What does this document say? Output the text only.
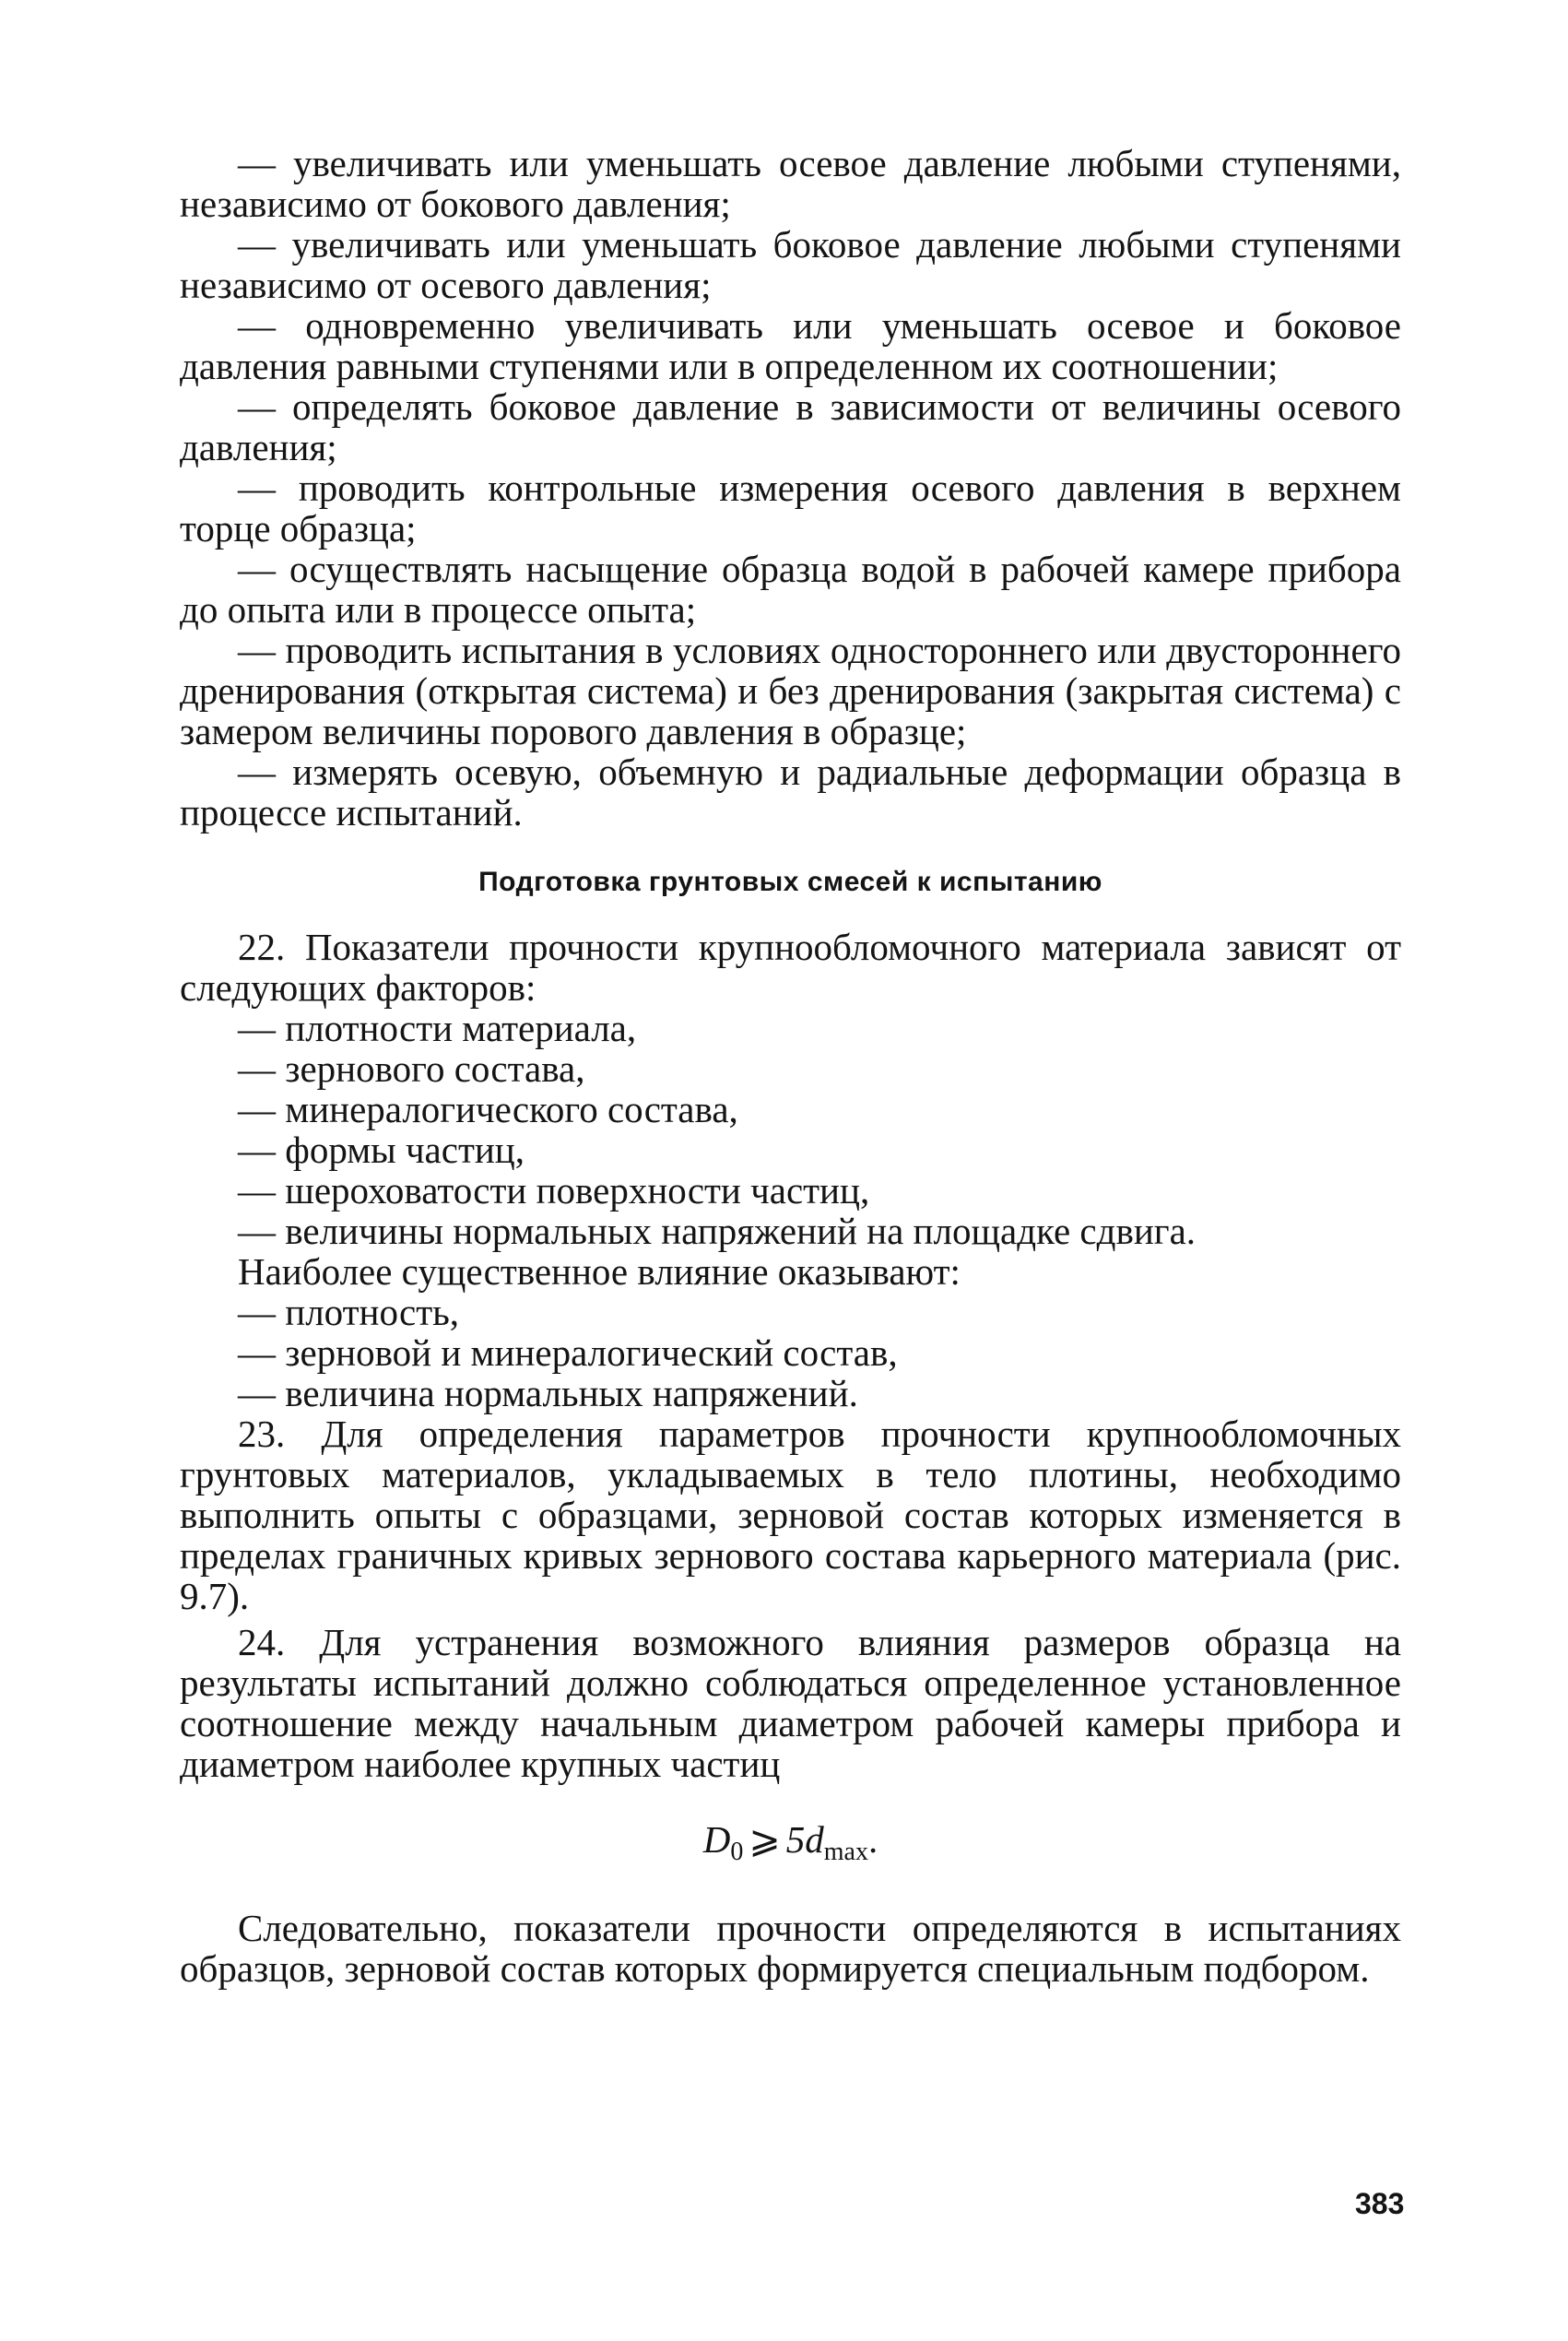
— увеличивать или уменьшать осевое давление любыми ступенями, независимо от бокового давления;

— увеличивать или уменьшать боковое давление любыми ступенями независимо от осевого давления;

— одновременно увеличивать или уменьшать осевое и боковое давления равными ступенями или в определенном их соотношении;

— определять боковое давление в зависимости от величины осевого давления;

— проводить контрольные измерения осевого давления в верхнем торце образца;

— осуществлять насыщение образца водой в рабочей камере прибора до опыта или в процессе опыта;

— проводить испытания в условиях одностороннего или двустороннего дренирования (открытая система) и без дренирования (закрытая система) с замером величины порового давления в образце;

— измерять осевую, объемную и радиальные деформации образца в процессе испытаний.

Подготовка грунтовых смесей к испытанию

22. Показатели прочности крупнообломочного материала зависят от следующих факторов:

— плотности материала,

— зернового состава,

— минералогического состава,

— формы частиц,

— шероховатости поверхности частиц,

— величины нормальных напряжений на площадке сдвига.

Наиболее существенное влияние оказывают:

— плотность,

— зерновой и минералогический состав,

— величина нормальных напряжений.

23. Для определения параметров прочности крупнообломочных грунтовых материалов, укладываемых в тело плотины, необходимо выполнить опыты с образцами, зерновой состав которых изменяется в пределах граничных кривых зернового состава карьерного материала (рис. 9.7).

24. Для устранения возможного влияния размеров образца на результаты испытаний должно соблюдаться определенное установленное соотношение между начальным диаметром рабочей камеры прибора и диаметром наиболее крупных частиц

$D_0$ ⩾ $5d_{max}$.

Следовательно, показатели прочности определяются в испытаниях образцов, зерновой состав которых формируется специальным подбором.

383
